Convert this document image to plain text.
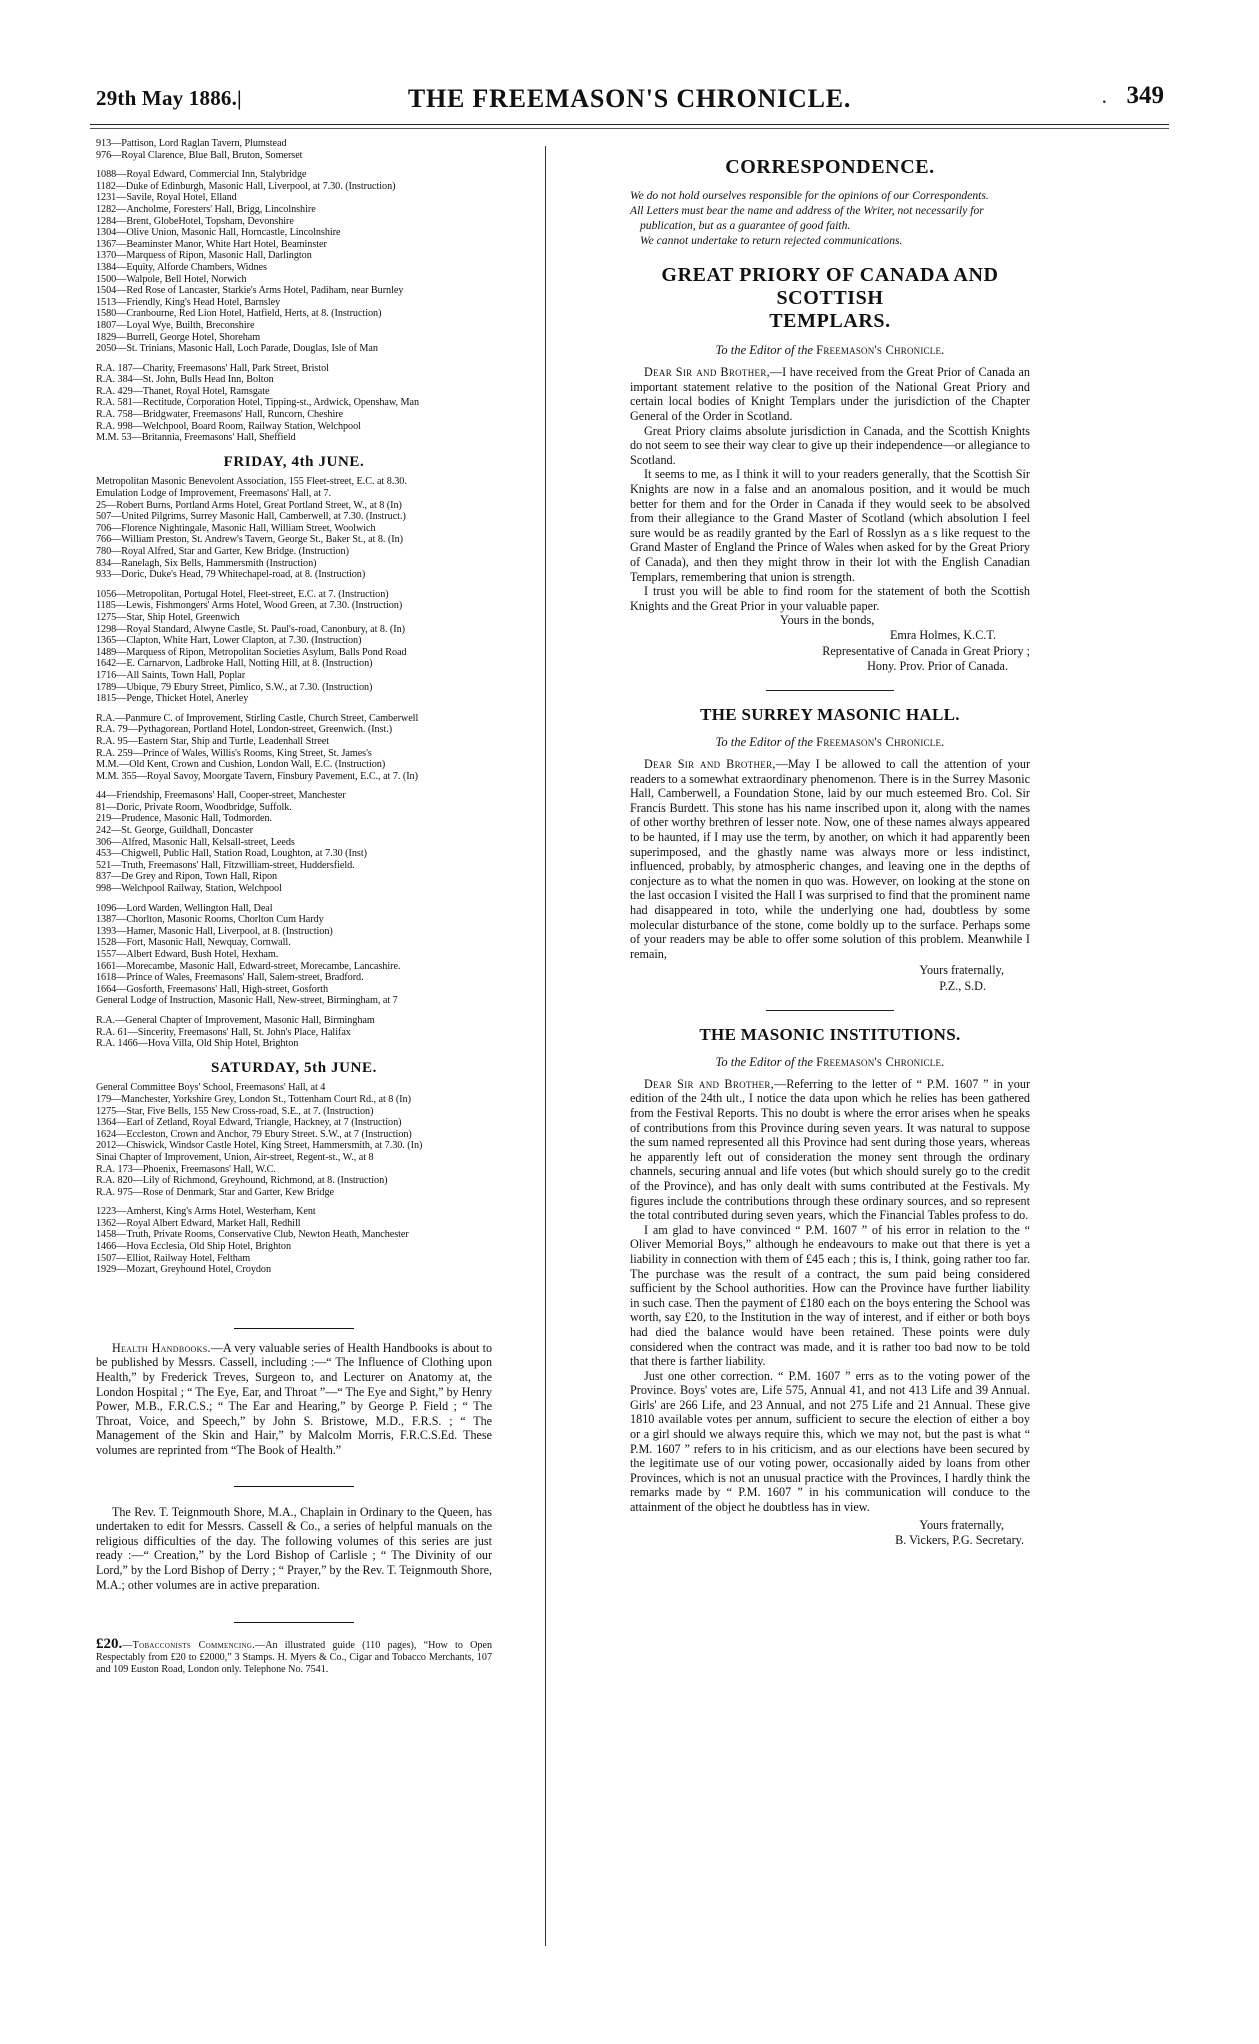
29th May 1886.|	THE FREEMASON'S CHRONICLE.	· 349
913—Pattison, Lord Raglan Tavern, Plumstead
976—Royal Clarence, Blue Ball, Bruton, Somerset
1088—Royal Edward, Commercial Inn, Stalybridge
1182—Duke of Edinburgh, Masonic Hall, Liverpool, at 7.30. (Instruction)
1231—Savile, Royal Hotel, Elland
1282—Ancholme, Foresters' Hall, Brigg, Lincolnshire
1284—Brent, GlobeHotel, Topsham, Devonshire
1304—Olive Union, Masonic Hall, Horncastle, Lincolnshire
1367—Beaminster Manor, White Hart Hotel, Beaminster
1370—Marquess of Ripon, Masonic Hall, Darlington
1384—Equity, Alforde Chambers, Widnes
1500—Walpole, Bell Hotel, Norwich
1504—Red Rose of Lancaster, Starkie's Arms Hotel, Padiham, near Burnley
1513—Friendly, King's Head Hotel, Barnsley
1580—Cranbourne, Red Lion Hotel, Hatfield, Herts, at 8. (Instruction)
1807—Loyal Wye, Builth, Breconshire
1829—Burrell, George Hotel, Shoreham
2050—St. Trinians, Masonic Hall, Loch Parade, Douglas, Isle of Man
R.A. 187—Charity, Freemasons' Hall, Park Street, Bristol
R.A. 384—St. John, Bulls Head Inn, Bolton
R.A. 429—Thanet, Royal Hotel, Ramsgate
R.A. 581—Rectitude, Corporation Hotel, Tipping-st., Ardwick, Openshaw, Man
R.A. 758—Bridgwater, Freemasons' Hall, Runcorn, Cheshire
R.A. 998—Welchpool, Board Room, Railway Station, Welchpool
M.M. 53—Britannia, Freemasons' Hall, Sheffield
FRIDAY, 4th JUNE.
Metropolitan Masonic Benevolent Association, 155 Fleet-street, E.C. at 8.30.
Emulation Lodge of Improvement, Freemasons' Hall, at 7.
25—Robert Burns, Portland Arms Hotel, Great Portland Street, W., at 8 (In)
507—United Pilgrims, Surrey Masonic Hall, Camberwell, at 7.30. (Instruct.)
706—Florence Nightingale, Masonic Hall, William Street, Woolwich
766—William Preston, St. Andrew's Tavern, George St., Baker St., at 8. (In)
780—Royal Alfred, Star and Garter, Kew Bridge. (Instruction)
834—Ranelagh, Six Bells, Hammersmith (Instruction)
933—Doric, Duke's Head, 79 Whitechapel-road, at 8. (Instruction)
1056—Metropolitan, Portugal Hotel, Fleet-street, E.C. at 7. (Instruction)
1185—Lewis, Fishmongers' Arms Hotel, Wood Green, at 7.30. (Instruction)
1275—Star, Ship Hotel, Greenwich
1298—Royal Standard, Alwyne Castle, St. Paul's-road, Canonbury, at 8. (In)
1365—Clapton, White Hart, Lower Clapton, at 7.30. (Instruction)
1489—Marquess of Ripon, Metropolitan Societies Asylum, Balls Pond Road
1642—E. Carnarvon, Ladbroke Hall, Notting Hill, at 8. (Instruction)
1716—All Saints, Town Hall, Poplar
1789—Ubique, 79 Ebury Street, Pimlico, S.W., at 7.30. (Instruction)
1815—Penge, Thicket Hotel, Anerley
R.A.—Panmure C. of Improvement, Stirling Castle, Church Street, Camberwell
R.A. 79—Pythagorean, Portland Hotel, London-street, Greenwich. (Inst.)
R.A. 95—Eastern Star, Ship and Turtle, Leadenhall Street
R.A. 259—Prince of Wales, Willis's Rooms, King Street, St. James's
M.M.—Old Kent, Crown and Cushion, London Wall, E.C. (Instruction)
M.M. 355—Royal Savoy, Moorgate Tavern, Finsbury Pavement, E.C., at 7. (In)
44—Friendship, Freemasons' Hall, Cooper-street, Manchester
81—Doric, Private Room, Woodbridge, Suffolk.
219—Prudence, Masonic Hall, Todmorden.
242—St. George, Guildhall, Doncaster
306—Alfred, Masonic Hall, Kelsall-street, Leeds
453—Chigwell, Public Hall, Station Road, Loughton, at 7.30 (Inst)
521—Truth, Freemasons' Hall, Fitzwilliam-street, Huddersfield.
837—De Grey and Ripon, Town Hall, Ripon
998—Welchpool Railway, Station, Welchpool
1096—Lord Warden, Wellington Hall, Deal
1387—Chorlton, Masonic Rooms, Chorlton Cum Hardy
1393—Hamer, Masonic Hall, Liverpool, at 8. (Instruction)
1528—Fort, Masonic Hall, Newquay, Cornwall.
1557—Albert Edward, Bush Hotel, Hexham.
1661—Morecambe, Masonic Hall, Edward-street, Morecambe, Lancashire.
1618—Prince of Wales, Freemasons' Hall, Salem-street, Bradford.
1664—Gosforth, Freemasons' Hall, High-street, Gosforth
General Lodge of Instruction, Masonic Hall, New-street, Birmingham, at 7
R.A.—General Chapter of Improvement, Masonic Hall, Birmingham
R.A. 61—Sincerity, Freemasons' Hall, St. John's Place, Halifax
R.A. 1466—Hova Villa, Old Ship Hotel, Brighton
SATURDAY, 5th JUNE.
General Committee Boys' School, Freemasons' Hall, at 4
179—Manchester, Yorkshire Grey, London St., Tottenham Court Rd., at 8 (In)
1275—Star, Five Bells, 155 New Cross-road, S.E., at 7. (Instruction)
1364—Earl of Zetland, Royal Edward, Triangle, Hackney, at 7 (Instruction)
1624—Eccleston, Crown and Anchor, 79 Ebury Street. S.W., at 7 (Instruction)
2012—Chiswick, Windsor Castle Hotel, King Street, Hammersmith, at 7.30. (In)
Sinai Chapter of Improvement, Union, Air-street, Regent-st., W., at 8
R.A. 173—Phoenix, Freemasons' Hall, W.C.
R.A. 820—Lily of Richmond, Greyhound, Richmond, at 8. (Instruction)
R.A. 975—Rose of Denmark, Star and Garter, Kew Bridge
1223—Amherst, King's Arms Hotel, Westerham, Kent
1362—Royal Albert Edward, Market Hall, Redhill
1458—Truth, Private Rooms, Conservative Club, Newton Heath, Manchester
1466—Hova Ecclesia, Old Ship Hotel, Brighton
1507—Elliot, Railway Hotel, Feltham
1929—Mozart, Greyhound Hotel, Croydon

Health Handbooks.—A very valuable series of Health Handbooks is about to be published by Messrs. Cassell, including :—“ The Influence of Clothing upon Health,” by Frederick Treves, Surgeon to, and Lecturer on Anatomy at, the London Hospital ; “ The Eye, Ear, and Throat ”—“ The Eye and Sight,” by Henry Power, M.B., F.R.C.S.; “ The Ear and Hearing,” by George P. Field ; “ The Throat, Voice, and Speech,” by John S. Bristowe, M.D., F.R.S. ; “ The Management of the Skin and Hair,” by Malcolm Morris, F.R.C.S.Ed. These volumes are reprinted from “The Book of Health.”

The Rev. T. Teignmouth Shore, M.A., Chaplain in Ordinary to the Queen, has undertaken to edit for Messrs. Cassell & Co., a series of helpful manuals on the religious difficulties of the day. The following volumes of this series are just ready :—“ Creation,” by the Lord Bishop of Carlisle ; “ The Divinity of our Lord,” by the Lord Bishop of Derry ; “ Prayer,” by the Rev. T. Teignmouth Shore, M.A.; other volumes are in active preparation.

£20.—Tobacconists Commencing.—An illustrated guide (110 pages), “How to Open Respectably from £20 to £2000,” 3 Stamps. H. Myers & Co., Cigar and Tobacco Merchants, 107 and 109 Euston Road, London only. Telephone No. 7541.

CORRESPONDENCE.

We do not hold ourselves responsible for the opinions of our Correspondents.

All Letters must bear the name and address of the Writer, not necessarily for publication, but as a guarantee of good faith.

We cannot undertake to return rejected communications.

GREAT PRIORY OF CANADA AND SCOTTISH
TEMPLARS.
To the Editor of the Freemason's Chronicle.

Dear Sir and Brother,—I have received from the Great Prior of Canada an important statement relative to the position of the National Great Priory and certain local bodies of Knight Templars under the jurisdiction of the Chapter General of the Order in Scotland.

Great Priory claims absolute jurisdiction in Canada, and the Scottish Knights do not seem to see their way clear to give up their independence—or allegiance to Scotland.

It seems to me, as I think it will to your readers generally, that the Scottish Sir Knights are now in a false and an anomalous position, and it would be much better for them and for the Order in Canada if they would seek to be absolved from their allegiance to the Grand Master of Scotland (which absolution I feel sure would be as readily granted by the Earl of Rosslyn as a s like request to the Grand Master of England the Prince of Wales when asked for by the Great Priory of Canada), and then they might throw in their lot with the English Canadian Templars, remembering that union is strength.

I trust you will be able to find room for the statement of both the Scottish Knights and the Great Prior in your valuable paper.

Yours in the bonds,
Emra Holmes, K.C.T.
Representative of Canada in Great Priory ;
Hony. Prov. Prior of Canada.
THE SURREY MASONIC HALL.
To the Editor of the Freemason's Chronicle.

Dear Sir and Brother,—May I be allowed to call the attention of your readers to a somewhat extraordinary phenomenon. There is in the Surrey Masonic Hall, Camberwell, a Foundation Stone, laid by our much esteemed Bro. Col. Sir Francis Burdett. This stone has his name inscribed upon it, along with the names of other worthy brethren of lesser note. Now, one of these names always appeared to be haunted, if I may use the term, by another, on which it had apparently been superimposed, and the ghastly name was always more or less indistinct, influenced, probably, by atmospheric changes, and leaving one in the depths of conjecture as to what the nomen in quo was. However, on looking at the stone on the last occasion I visited the Hall I was surprised to find that the prominent name had disappeared in toto, while the underlying one had, doubtless by some molecular disturbance of the stone, come boldly up to the surface. Perhaps some of your readers may be able to offer some solution of this problem. Meanwhile I remain,

Yours fraternally,
P.Z., S.D.
THE MASONIC INSTITUTIONS.
To the Editor of the Freemason's Chronicle.

Dear Sir and Brother,—Referring to the letter of “ P.M. 1607 ” in your edition of the 24th ult., I notice the data upon which he relies has been gathered from the Festival Reports. This no doubt is where the error arises when he speaks of contributions from this Province during seven years. It was natural to suppose the sum named represented all this Province had sent during those years, whereas he apparently left out of consideration the money sent through the ordinary channels, securing annual and life votes (but which should surely go to the credit of the Province), and has only dealt with sums contributed at the Festivals. My figures include the contributions through these ordinary sources, and so represent the total contributed during seven years, which the Financial Tables profess to do.

I am glad to have convinced “ P.M. 1607 ” of his error in relation to the “ Oliver Memorial Boys,” although he endeavours to make out that there is yet a liability in connection with them of £45 each ; this is, I think, going rather too far. The purchase was the result of a contract, the sum paid being considered sufficient by the School authorities. How can the Province have further liability in such case. Then the payment of £180 each on the boys entering the School was worth, say £20, to the Institution in the way of interest, and if either or both boys had died the balance would have been retained. These points were duly considered when the contract was made, and it is rather too bad now to be told that there is farther liability.

Just one other correction. “ P.M. 1607 ” errs as to the voting power of the Province. Boys' votes are, Life 575, Annual 41, and not 413 Life and 39 Annual. Girls' are 266 Life, and 23 Annual, and not 275 Life and 21 Annual. These give 1810 available votes per annum, sufficient to secure the election of either a boy or a girl should we always require this, which we may not, but the past is what “ P.M. 1607 ” refers to in his criticism, and as our elections have been secured by the legitimate use of our voting power, occasionally aided by loans from other Provinces, which is not an unusual practice with the Provinces, I hardly think the remarks made by “ P.M. 1607 ” in his communication will conduce to the attainment of the object he doubtless has in view.

Yours fraternally,
B. Vickers, P.G. Secretary.
